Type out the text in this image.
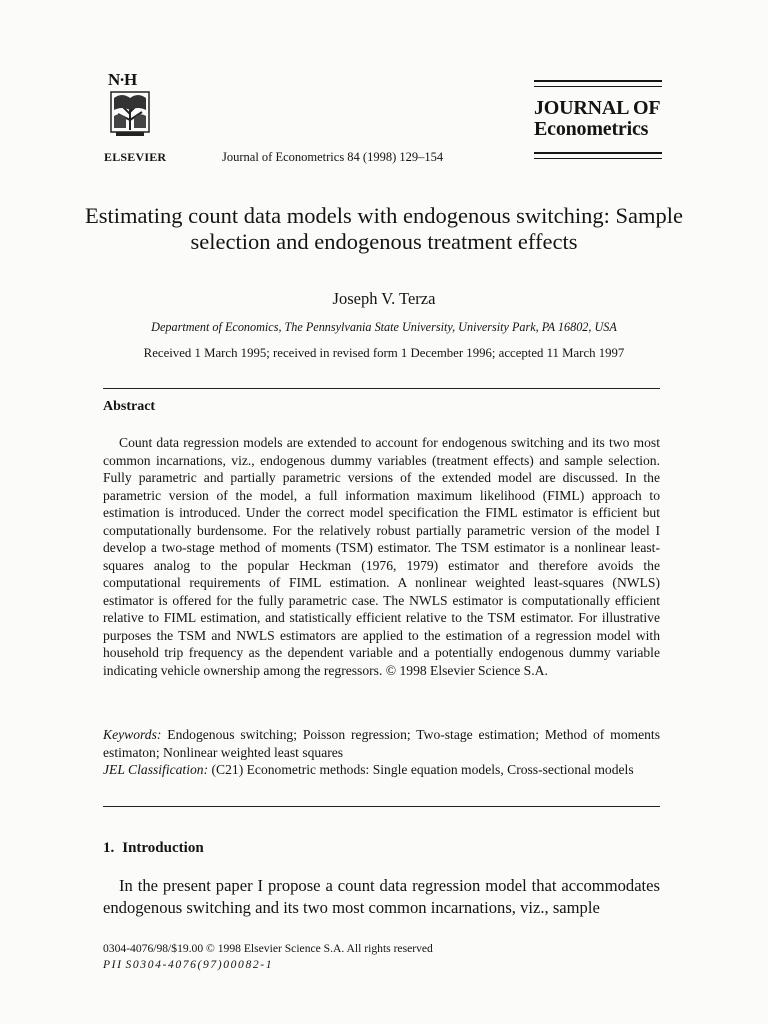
N·H
ELSEVIER	Journal of Econometrics 84 (1998) 129–154
JOURNAL OF
Econometrics
Estimating count data models with endogenous switching: Sample selection and endogenous treatment effects
Joseph V. Terza
Department of Economics, The Pennsylvania State University, University Park, PA 16802, USA
Received 1 March 1995; received in revised form 1 December 1996; accepted 11 March 1997
Abstract

Count data regression models are extended to account for endogenous switching and its two most common incarnations, viz., endogenous dummy variables (treatment effects) and sample selection. Fully parametric and partially parametric versions of the extended model are discussed. In the parametric version of the model, a full information maximum likelihood (FIML) approach to estimation is introduced. Under the correct model specification the FIML estimator is efficient but computationally burdensome. For the relatively robust partially parametric version of the model I develop a two-stage method of moments (TSM) estimator. The TSM estimator is a nonlinear least-squares analog to the popular Heckman (1976, 1979) estimator and therefore avoids the computational requirements of FIML estimation. A nonlinear weighted least-squares (NWLS) estimator is offered for the fully parametric case. The NWLS estimator is computationally efficient relative to FIML estimation, and statistically efficient relative to the TSM estimator. For illustrative purposes the TSM and NWLS estimators are applied to the estimation of a regression model with household trip frequency as the dependent variable and a potentially endogenous dummy variable indicating vehicle ownership among the regressors. © 1998 Elsevier Science S.A.

Keywords: Endogenous switching; Poisson regression; Two-stage estimation; Method of moments estimaton; Nonlinear weighted least squares

JEL Classification: (C21) Econometric methods: Single equation models, Cross-sectional models

1. Introduction

In the present paper I propose a count data regression model that accommodates endogenous switching and its two most common incarnations, viz., sample

0304-4076/98/$19.00 © 1998 Elsevier Science S.A. All rights reserved
PII S0304-4076(97)00082-1
